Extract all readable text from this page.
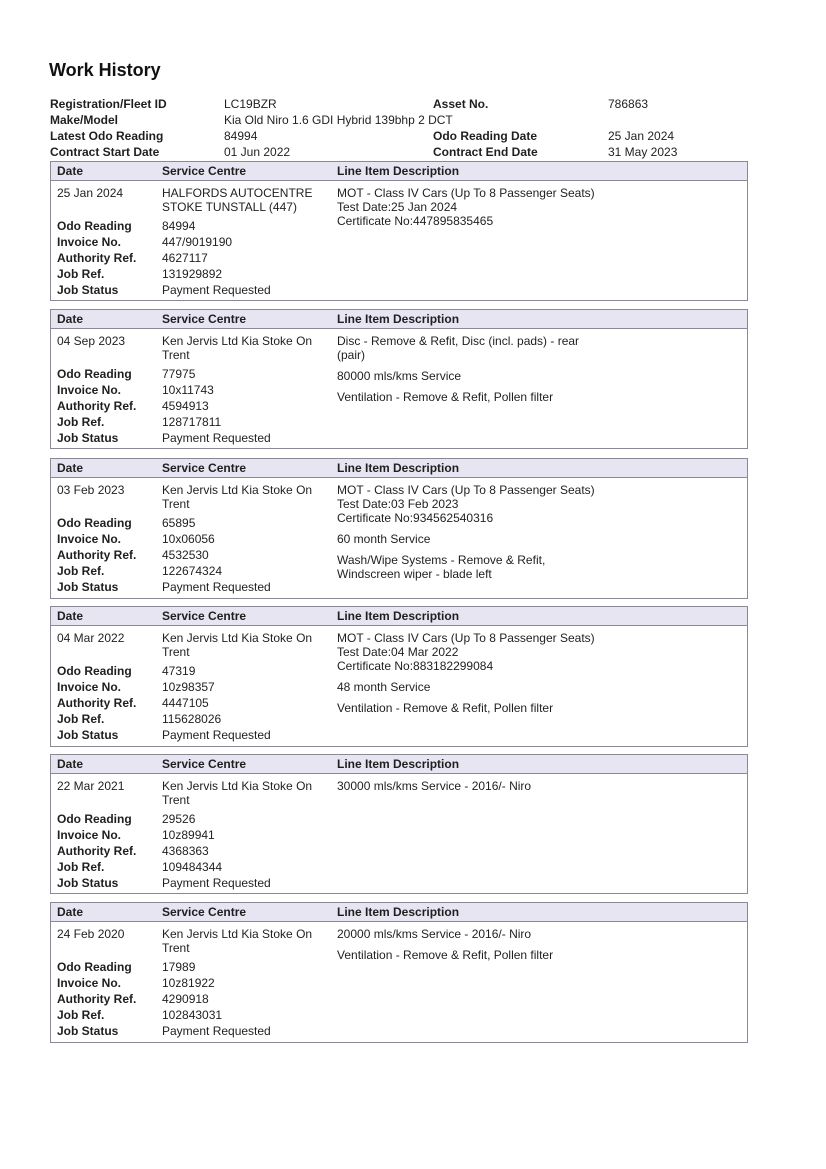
Work History
Registration/Fleet ID	LC19BZR	Asset No.	786863
Make/Model	Kia Old Niro 1.6 GDI Hybrid 139bhp 2 DCT
Latest Odo Reading	84994	Odo Reading Date	25 Jan 2024
Contract Start Date	01 Jun 2022	Contract End Date	31 May 2023
Date	Service Centre	Line Item Description
25 Jan 2024	HALFORDS AUTOCENTRE STOKE TUNSTALL (447)
Odo Reading	84994
Invoice No.	447/9019190
Authority Ref. 4627117
Job Ref.	131929892
Job Status	Payment Requested
MOT - Class IV Cars (Up To 8 Passenger Seats)
Test Date:25 Jan 2024
Certificate No:447895835465
Date	Service Centre	Line Item Description
04 Sep 2023	Ken Jervis Ltd Kia Stoke On Trent
Odo Reading	77975
Invoice No.	10x11743
Authority Ref. 4594913
Job Ref.	128717811
Job Status	Payment Requested
Disc - Remove & Refit, Disc (incl. pads) - rear
(pair)
80000 mls/kms Service
Ventilation - Remove & Refit, Pollen filter
Date	Service Centre	Line Item Description
03 Feb 2023	Ken Jervis Ltd Kia Stoke On Trent
Odo Reading	65895
Invoice No.	10x06056
Authority Ref. 4532530
Job Ref.	122674324
Job Status	Payment Requested
MOT - Class IV Cars (Up To 8 Passenger Seats)
Test Date:03 Feb 2023
Certificate No:934562540316
60 month Service
Wash/Wipe Systems - Remove & Refit,
Windscreen wiper - blade left
Date	Service Centre	Line Item Description
04 Mar 2022	Ken Jervis Ltd Kia Stoke On Trent
Odo Reading	47319
Invoice No.	10z98357
Authority Ref. 4447105
Job Ref.	115628026
Job Status	Payment Requested
MOT - Class IV Cars (Up To 8 Passenger Seats)
Test Date:04 Mar 2022
Certificate No:883182299084
48 month Service
Ventilation - Remove & Refit, Pollen filter
Date	Service Centre	Line Item Description
22 Mar 2021	Ken Jervis Ltd Kia Stoke On Trent
Odo Reading	29526
Invoice No.	10z89941
Authority Ref. 4368363
Job Ref.	109484344
Job Status	Payment Requested
30000 mls/kms Service - 2016/- Niro
Date	Service Centre	Line Item Description
24 Feb 2020	Ken Jervis Ltd Kia Stoke On Trent
Odo Reading	17989
Invoice No.	10z81922
Authority Ref. 4290918
Job Ref.	102843031
Job Status	Payment Requested
20000 mls/kms Service - 2016/- Niro
Ventilation - Remove & Refit, Pollen filter
